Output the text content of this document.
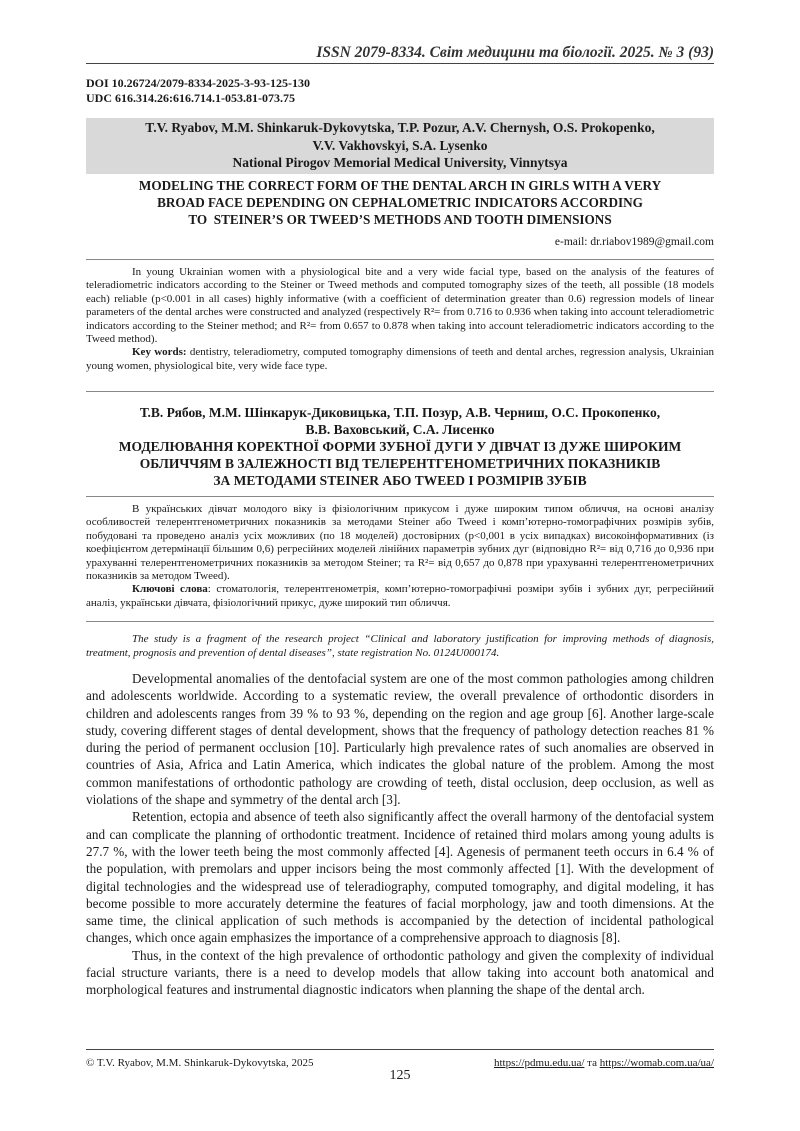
ISSN 2079-8334. Світ медицини та біології. 2025. № 3 (93)
DOI 10.26724/2079-8334-2025-3-93-125-130
UDC 616.314.26:616.714.1-053.81-073.75
T.V. Ryabov, M.M. Shinkaruk-Dykovytska, T.P. Pozur, A.V. Chernysh, O.S. Prokopenko,
V.V. Vakhovskyi, S.A. Lysenko
National Pirogov Memorial Medical University, Vinnytsya
MODELING THE CORRECT FORM OF THE DENTAL ARCH IN GIRLS WITH A VERY
BROAD FACE DEPENDING ON CEPHALOMETRIC INDICATORS ACCORDING
TO  STEINER’S OR TWEED’S METHODS AND TOOTH DIMENSIONS
e-mail: dr.riabov1989@gmail.com

In young Ukrainian women with a physiological bite and a very wide facial type, based on the analysis of the features of teleradiometric indicators according to the Steiner or Tweed methods and computed tomography sizes of the teeth, all possible (18 models each) reliable (p<0.001 in all cases) highly informative (with a coefficient of determination greater than 0.6) regression models of linear parameters of the dental arches were constructed and analyzed (respectively R²= from 0.716 to 0.936 when taking into account teleradiometric indicators according to the Steiner method; and R²= from 0.657 to 0.878 when taking into account teleradiometric indicators according to the Tweed method).

Key words: dentistry, teleradiometry, computed tomography dimensions of teeth and dental arches, regression analysis, Ukrainian young women, physiological bite, very wide face type.

Т.В. Рябов, М.М. Шінкарук-Диковицька, Т.П. Позур, А.В. Черниш, О.С. Прокопенко,
В.В. Ваховський, С.А. Лисенко
МОДЕЛЮВАННЯ КОРЕКТНОЇ ФОРМИ ЗУБНОЇ ДУГИ У ДІВЧАТ ІЗ ДУЖЕ ШИРОКИМ
ОБЛИЧЧЯМ В ЗАЛЕЖНОСТІ ВІД ТЕЛЕРЕНТГЕНОМЕТРИЧНИХ ПОКАЗНИКІВ
ЗА МЕТОДАМИ STEINER АБО TWEED І РОЗМІРІВ ЗУБІВ

В українських дівчат молодого віку із фізіологічним прикусом і дуже широким типом обличчя, на основі аналізу особливостей телерентгенометричних показників за методами Steiner або Tweed і комп’ютерно-томографічних розмірів зубів, побудовані та проведено аналіз усіх можливих (по 18 моделей) достовірних (p<0,001 в усіх випадках) високоінформативних (із коефіцієнтом детермінації більшим 0,6) регресійних моделей лінійних параметрів зубних дуг (відповідно R²= від 0,716 до 0,936 при урахуванні телерентгенометричних показників за методом Steiner; та R²= від 0,657 до 0,878 при урахуванні телерентгенометричних показників за методом Tweed).

Ключові слова: стоматологія, телерентгенометрія, комп’ютерно-томографічні розміри зубів і зубних дуг, регресійний аналіз, українськи дівчата, фізіологічний прикус, дуже широкий тип обличчя.

The study is a fragment of the research project “Clinical and laboratory justification for improving methods of diagnosis, treatment, prognosis and prevention of dental diseases”, state registration No. 0124U000174.

Developmental anomalies of the dentofacial system are one of the most common pathologies among children and adolescents worldwide. According to a systematic review, the overall prevalence of orthodontic disorders in children and adolescents ranges from 39 % to 93 %, depending on the region and age group [6]. Another large-scale study, covering different stages of dental development, shows that the frequency of pathology detection reaches 81 % during the period of permanent occlusion [10]. Particularly high prevalence rates of such anomalies are observed in countries of Asia, Africa and Latin America, which indicates the global nature of the problem. Among the most common manifestations of orthodontic pathology are crowding of teeth, distal occlusion, deep occlusion, as well as violations of the shape and symmetry of the dental arch [3].

Retention, ectopia and absence of teeth also significantly affect the overall harmony of the dentofacial system and can complicate the planning of orthodontic treatment. Incidence of retained third molars among young adults is 27.7 %, with the lower teeth being the most commonly affected [4]. Agenesis of permanent teeth occurs in 6.4 % of the population, with premolars and upper incisors being the most commonly affected [1]. With the development of digital technologies and the widespread use of teleradiography, computed tomography, and digital modeling, it has become possible to more accurately determine the features of facial morphology, jaw and tooth dimensions. At the same time, the clinical application of such methods is accompanied by the detection of incidental pathological changes, which once again emphasizes the importance of a comprehensive approach to diagnosis [8].

Thus, in the context of the high prevalence of orthodontic pathology and given the complexity of individual facial structure variants, there is a need to develop models that allow taking into account both anatomical and morphological features and instrumental diagnostic indicators when planning the shape of the dental arch.

© T.V. Ryabov, M.M. Shinkaruk-Dykovytska, 2025	https://pdmu.edu.ua/ та https://womab.com.ua/ua/
125
